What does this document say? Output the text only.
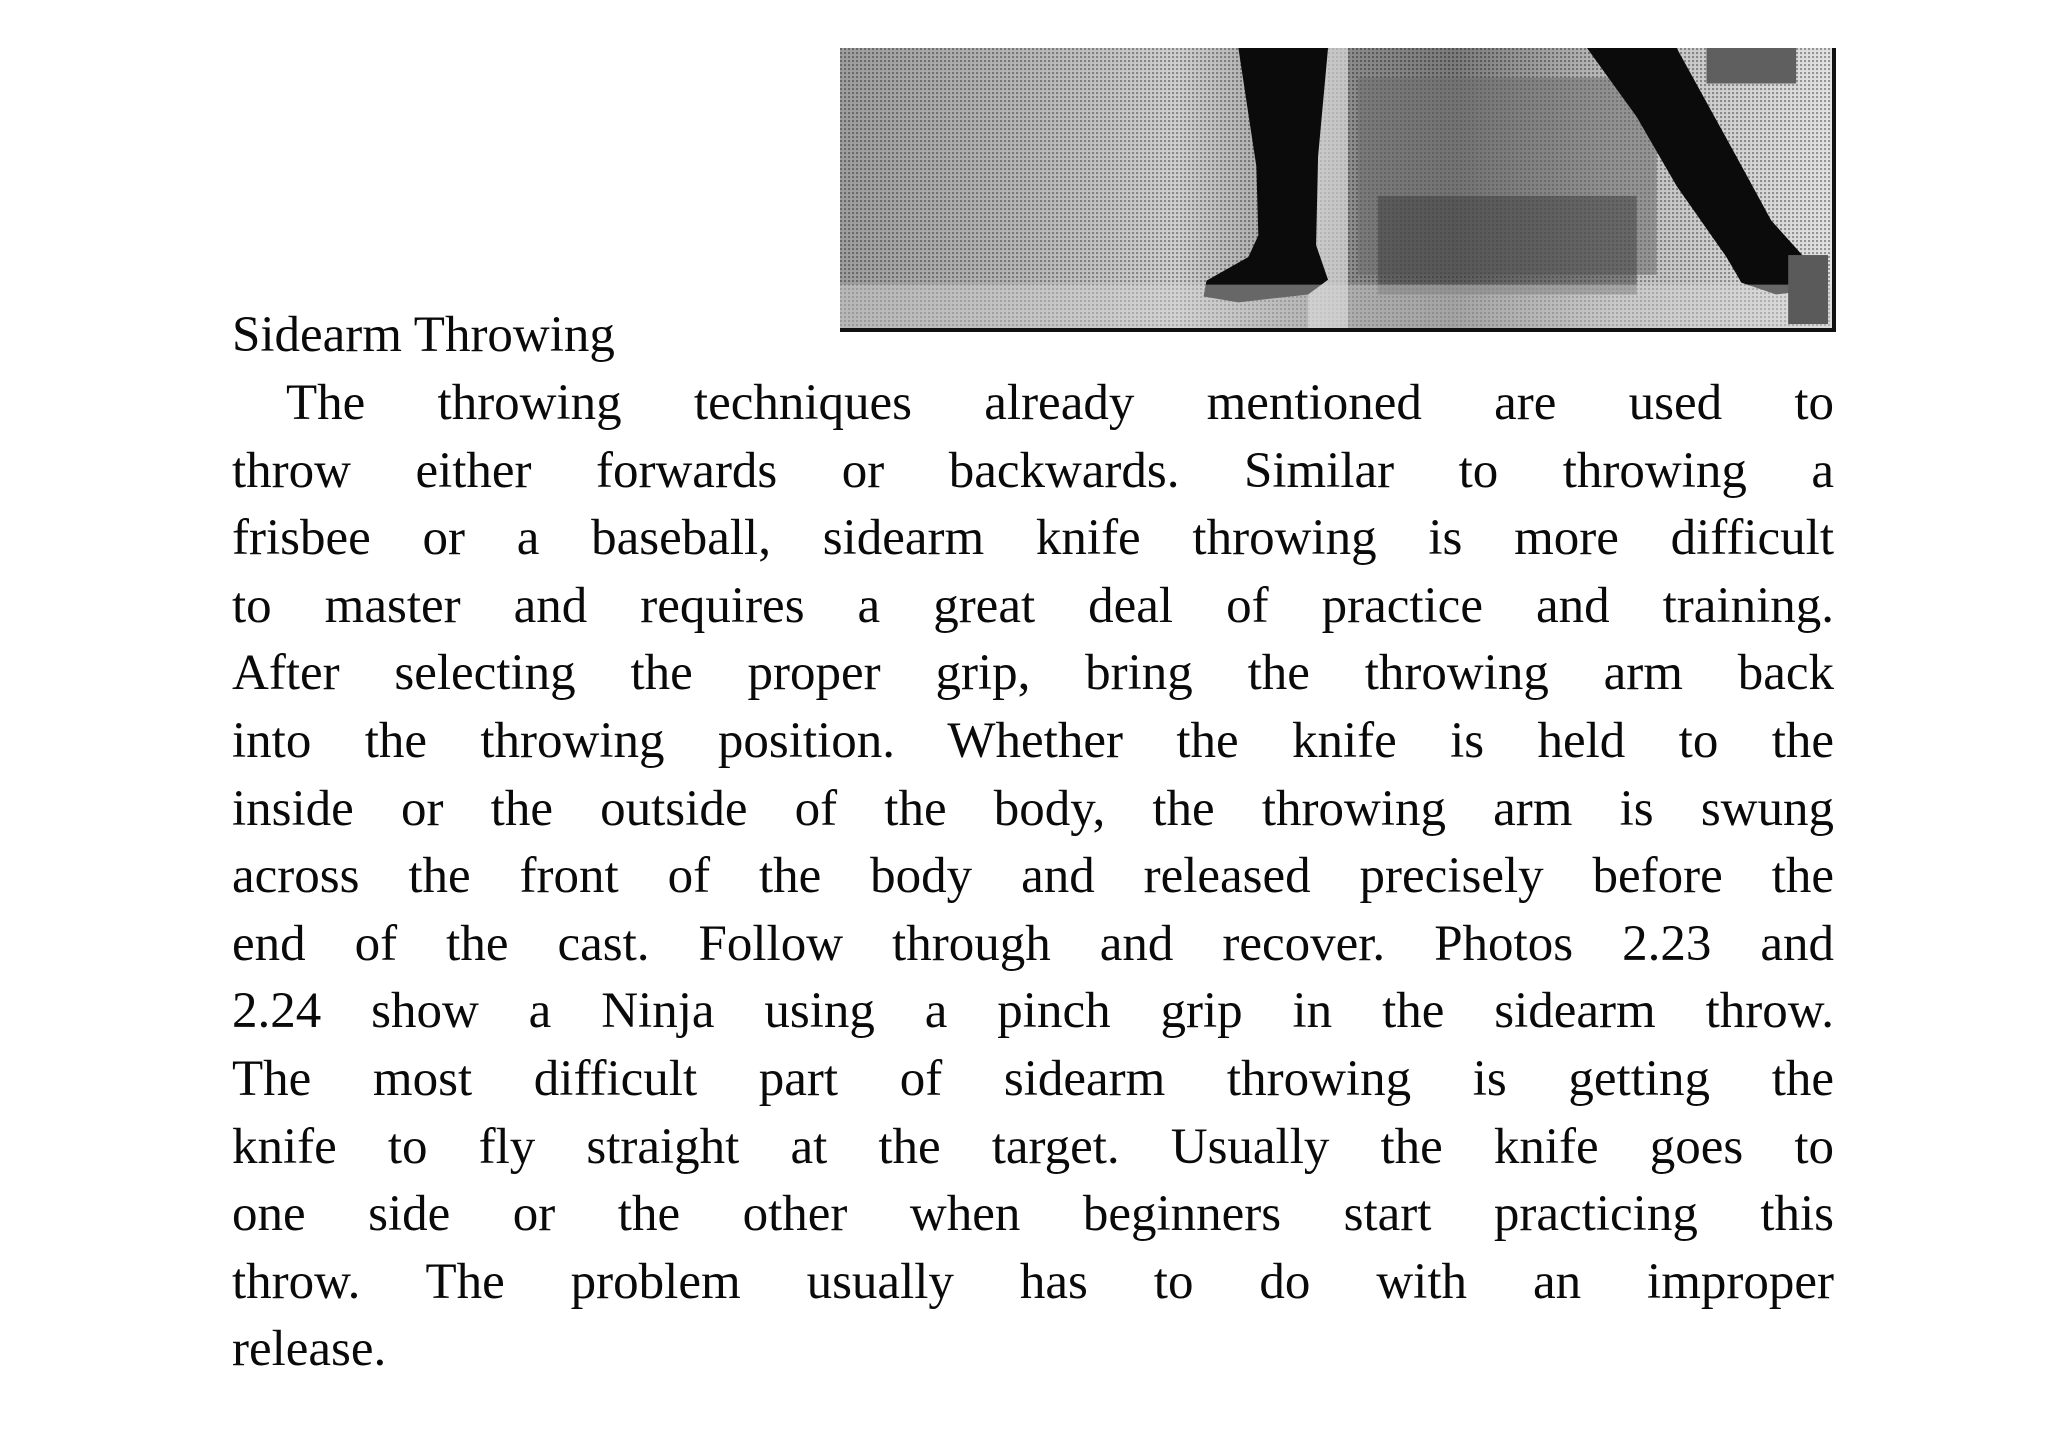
Sidearm Throwing
The throwing techniques already mentioned are used to
throw either forwards or backwards. Similar to throwing a
frisbee or a baseball, sidearm knife throwing is more difficult
to master and requires a great deal of practice and training.
After selecting the proper grip, bring the throwing arm back
into the throwing position. Whether the knife is held to the
inside or the outside of the body, the throwing arm is swung
across the front of the body and released precisely before the
end of the cast. Follow through and recover. Photos 2.23 and
2.24 show a Ninja using a pinch grip in the sidearm throw.
The most difficult part of sidearm throwing is getting the
knife to fly straight at the target. Usually the knife goes to
one side or the other when beginners start practicing this
throw. The problem usually has to do with an improper
release.
